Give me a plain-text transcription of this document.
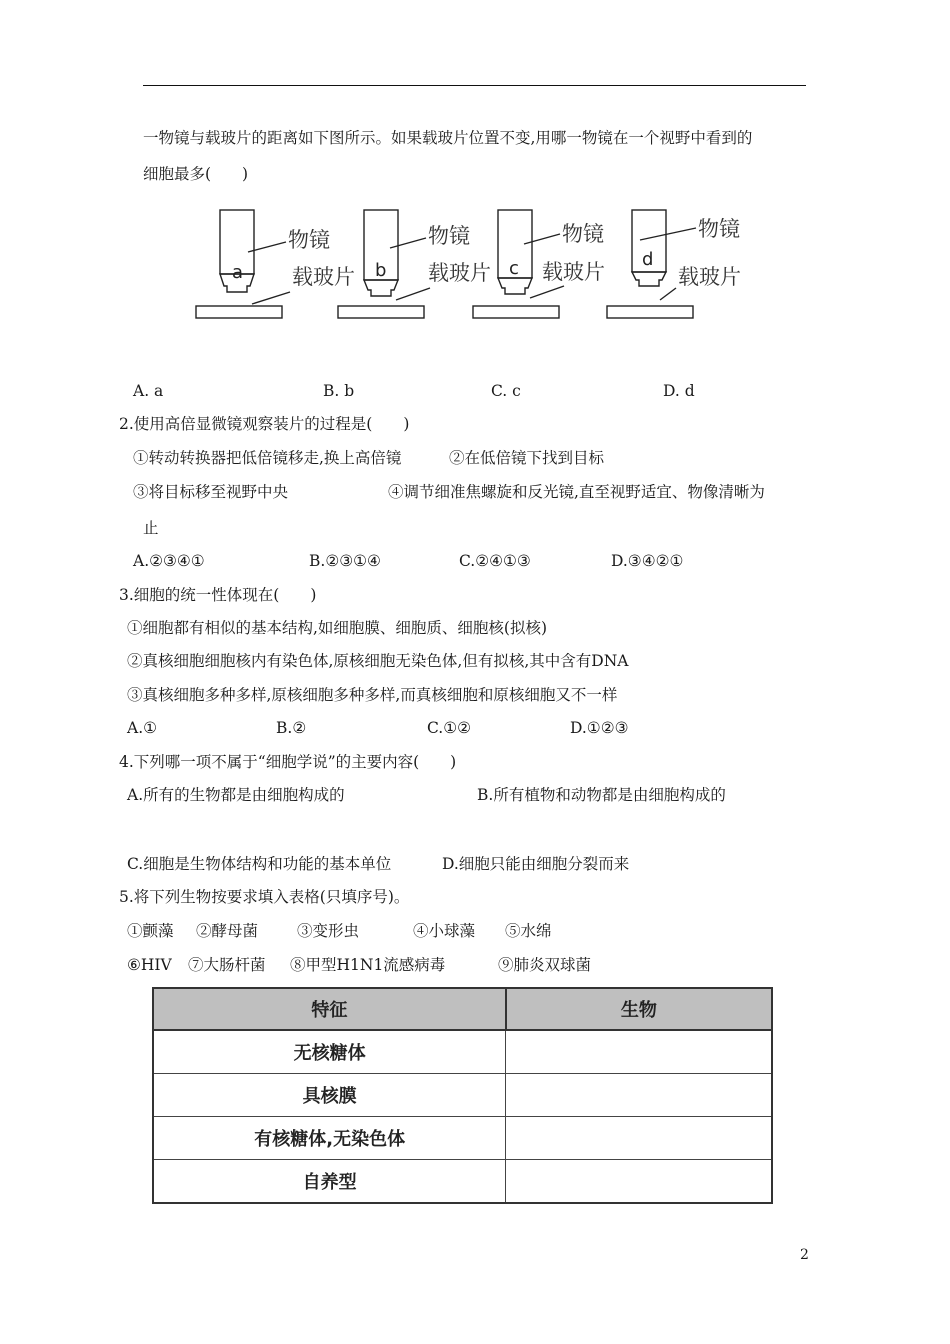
一物镜与载玻片的距离如下图所示。如果载玻片位置不变,用哪一物镜在一个视野中看到的
细胞最多(　　)
a
物镜
载玻片 b
物镜
载玻片 c
物镜
载玻片
d
物镜
载玻片
A. a	B. b	C. c	D. d
2.使用高倍显微镜观察装片的过程是(　　)
①转动转换器把低倍镜移走,换上高倍镜	②在低倍镜下找到目标
③将目标移至视野中央	④调节细准焦螺旋和反光镜,直至视野适宜、物像清晰为
止
A.②③④①	B.②③①④	C.②④①③	D.③④②①
3.细胞的统一性体现在(　　)
①细胞都有相似的基本结构,如细胞膜、细胞质、细胞核(拟核)
②真核细胞细胞核内有染色体,原核细胞无染色体,但有拟核,其中含有DNA
③真核细胞多种多样,原核细胞多种多样,而真核细胞和原核细胞又不一样
A.①	B.②	C.①②	D.①②③
4.下列哪一项不属于“细胞学说”的主要内容(　　)
A.所有的生物都是由细胞构成的	B.所有植物和动物都是由细胞构成的
C.细胞是生物体结构和功能的基本单位	D.细胞只能由细胞分裂而来
5.将下列生物按要求填入表格(只填序号)。
①颤藻 ②酵母菌	③变形虫	④小球藻 ⑤水绵
⑥HIV ⑦大肠杆菌 ⑧甲型H1N1流感病毒	⑨肺炎双球菌
特征	生物
无核糖体	
具核膜	
有核糖体,无染色体	
自养型	
2
